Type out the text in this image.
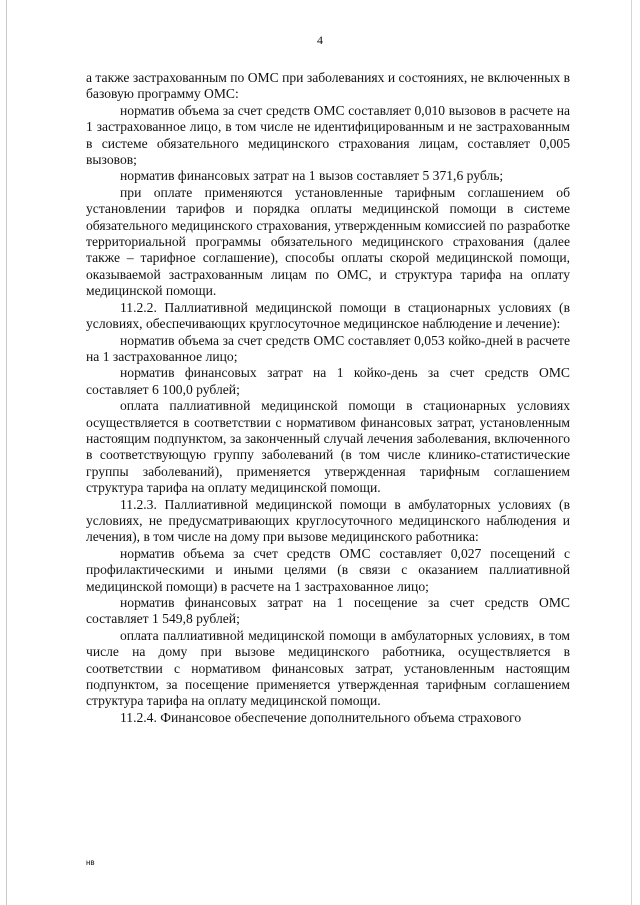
4

а также застрахованным по ОМС при заболеваниях и состояниях, не включенных в базовую программу ОМС:

норматив объема за счет средств ОМС составляет 0,010 вызовов в расчете на 1 застрахованное лицо, в том числе не идентифицированным и не застрахованным в системе обязательного медицинского страхования лицам, составляет 0,005 вызовов;

норматив финансовых затрат на 1 вызов составляет 5 371,6 рубль;

при оплате применяются установленные тарифным соглашением об установлении тарифов и порядка оплаты медицинской помощи в системе обязательного медицинского страхования, утвержденным комиссией по разработке территориальной программы обязательного медицинского страхования (далее также – тарифное соглашение), способы оплаты скорой медицинской помощи, оказываемой застрахованным лицам по ОМС, и структура тарифа на оплату медицинской помощи.

11.2.2. Паллиативной медицинской помощи в стационарных условиях (в условиях, обеспечивающих круглосуточное медицинское наблюдение и лечение):

норматив объема за счет средств ОМС составляет 0,053 койко-дней в расчете на 1 застрахованное лицо;

норматив финансовых затрат на 1 койко-день за счет средств ОМС составляет 6 100,0 рублей;

оплата паллиативной медицинской помощи в стационарных условиях осуществляется в соответствии с нормативом финансовых затрат, установленным настоящим подпунктом, за законченный случай лечения заболевания, включенного в соответствующую группу заболеваний (в том числе клинико-статистические группы заболеваний), применяется утвержденная тарифным соглашением структура тарифа на оплату медицинской помощи.

11.2.3. Паллиативной медицинской помощи в амбулаторных условиях (в условиях, не предусматривающих круглосуточного медицинского наблюдения и лечения), в том числе на дому при вызове медицинского работника:

норматив объема за счет средств ОМС составляет 0,027 посещений с профилактическими и иными целями (в связи с оказанием паллиативной медицинской помощи) в расчете на 1 застрахованное лицо;

норматив финансовых затрат на 1 посещение за счет средств ОМС составляет 1 549,8 рублей;

оплата паллиативной медицинской помощи в амбулаторных условиях, в том числе на дому при вызове медицинского работника, осуществляется в соответствии с нормативом финансовых затрат, установленным настоящим подпунктом, за посещение применяется утвержденная тарифным соглашением структура тарифа на оплату медицинской помощи.

11.2.4. Финансовое обеспечение дополнительного объема страхового

нв
